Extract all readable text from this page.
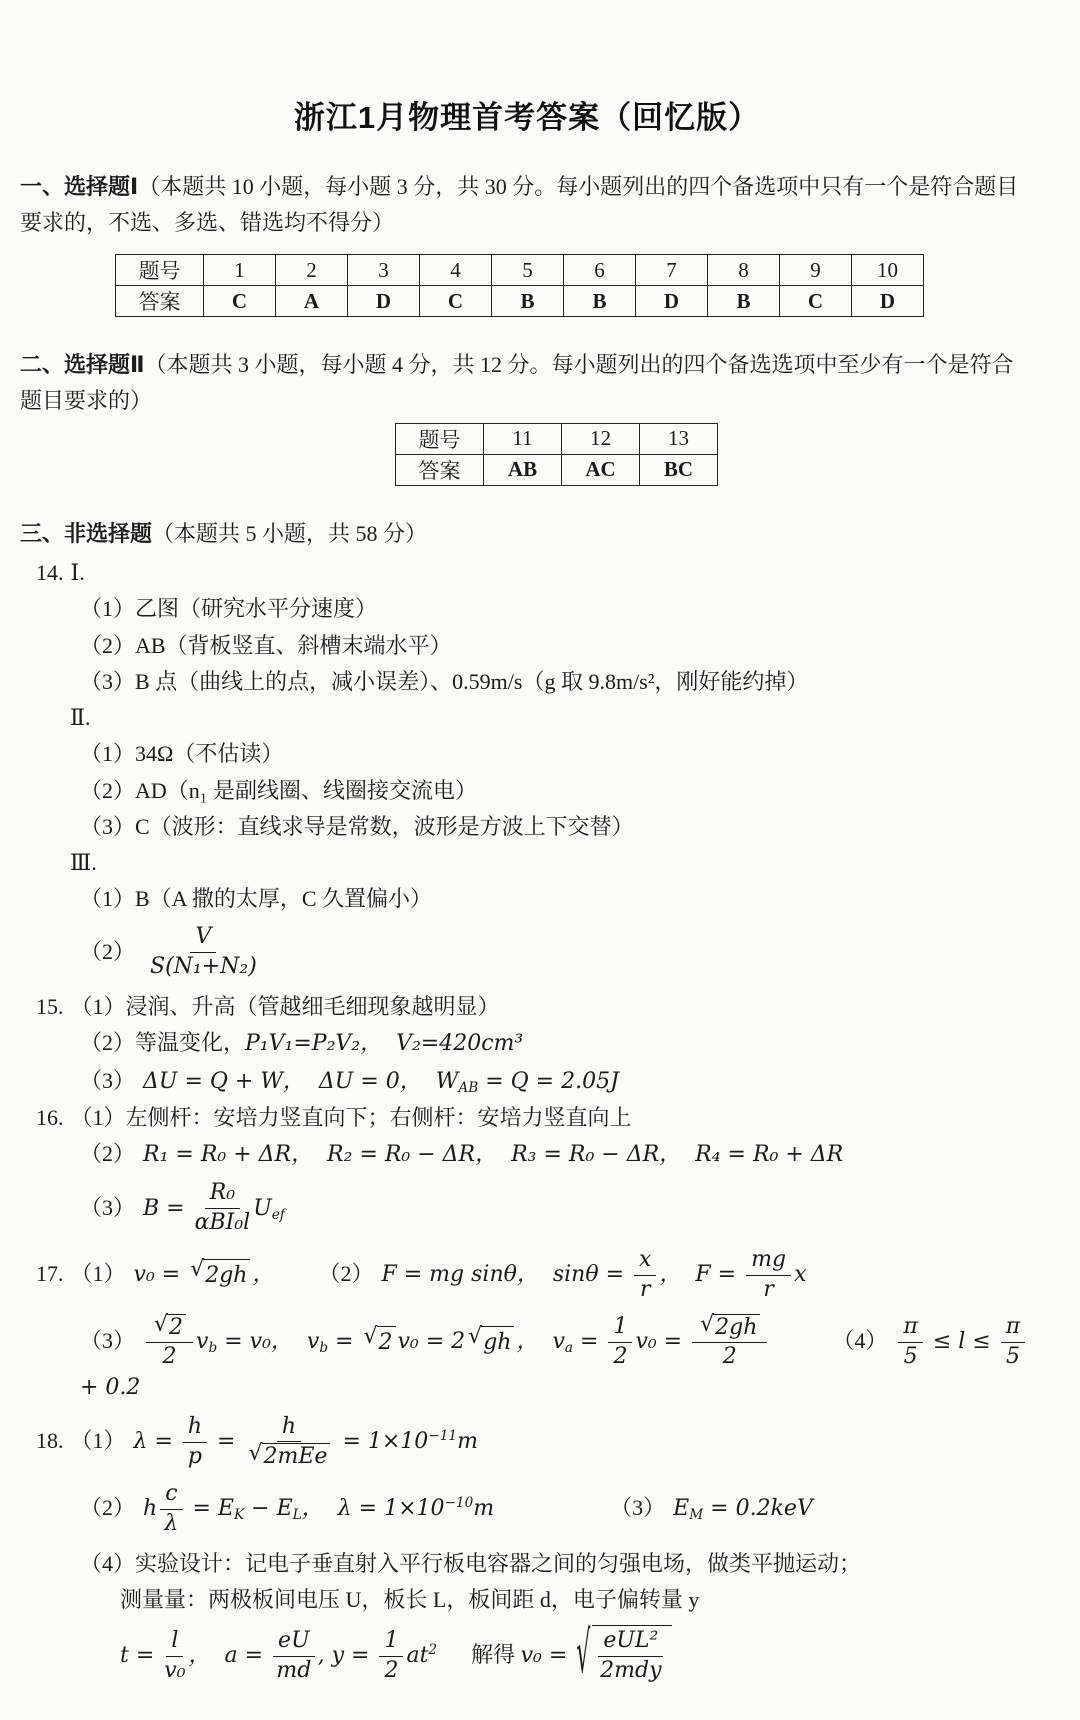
浙江1月物理首考答案（回忆版）

一、选择题Ⅰ（本题共 10 小题，每小题 3 分，共 30 分。每小题列出的四个备选项中只有一个是符合题目要求的，不选、多选、错选均不得分）

题号	1	2	3	4	5	6	7	8	9	10
答案	C	A	D	C	B	B	D	B	C	D

二、选择题Ⅱ（本题共 3 小题，每小题 4 分，共 12 分。每小题列出的四个备选选项中至少有一个是符合题目要求的）

题号	11	12	13
答案	AB	AC	BC

三、非选择题（本题共 5 小题，共 58 分）

14. Ⅰ.
（1）乙图（研究水平分速度）
（2）AB（背板竖直、斜槽末端水平）
（3）B 点（曲线上的点，减小误差）、0.59m/s（g 取 9.8m/s²，刚好能约掉）
Ⅱ.
（1）34Ω（不估读）
（2）AD（n₁ 是副线圈、线圈接交流电）
（3）C（波形：直线求导是常数，波形是方波上下交替）
Ⅲ.
（1）B（A 撒的太厚，C 久置偏小）
$(2) \frac{V}{\text{S(N₁+N₂)}}$
15. （1）浸润、升高（管越细毛细现象越明显）
（2）等温变化，P₁V₁=P₂V₂，  V₂=420cm³
（3） ΔU = Q + W，  ΔU = 0，  $W_{AB} = Q = 2.05J$
16. （1）左侧杆：安培力竖直向下；右侧杆：安培力竖直向上
（2） R₁ = R₀ + ΔR，  R₂ = R₀ − ΔR，  R₃ = R₀ − ΔR，  R₄ = R₀ + ΔR
（3） $B = \frac{\text{R₀}}{\text{αBI₀l}} U_{ef}$
17. （1） v₀ = √ 2gh ， （2） F = mg sinθ，  $\sin\theta = \frac{x}{r}$ ，  $F = \frac{mg}{r}$ x
$(3) \frac{√ 2}{2} v_b = v_0$，  $v_b$ = √ 2 v₀ = 2 √ gh ，  $v_a = \frac{1}{2} v_0 = \frac{√ 2gh}{2}$	$(4) \frac{\pi}{5} \le l \le \frac{\pi}{5} + 0.2$
18. （1） $\lambda = \frac{h}{p} = \frac{h}{\text{√ 2mEe}} = 1\times 10^{-11}m$
（2） h $\frac{c}{\lambda} = E_K - E_L$，  $\lambda = 1\times 10^{-10}m$	（3） $E_M = 0.2keV$
（4）实验设计：记电子垂直射入平行板电容器之间的匀强电场，做类平抛运动；
测量量：两极板间电压 U，板长 L，板间距 d，电子偏转量 y
$t = \frac{l}{\text{v₀}}$ ，  $a = \frac{eU}{md}$ , $y = \frac{1}{2} at^2$ 解得 v₀ = √ $\frac{\text{eUL²}}{\text{2mdy}}$
